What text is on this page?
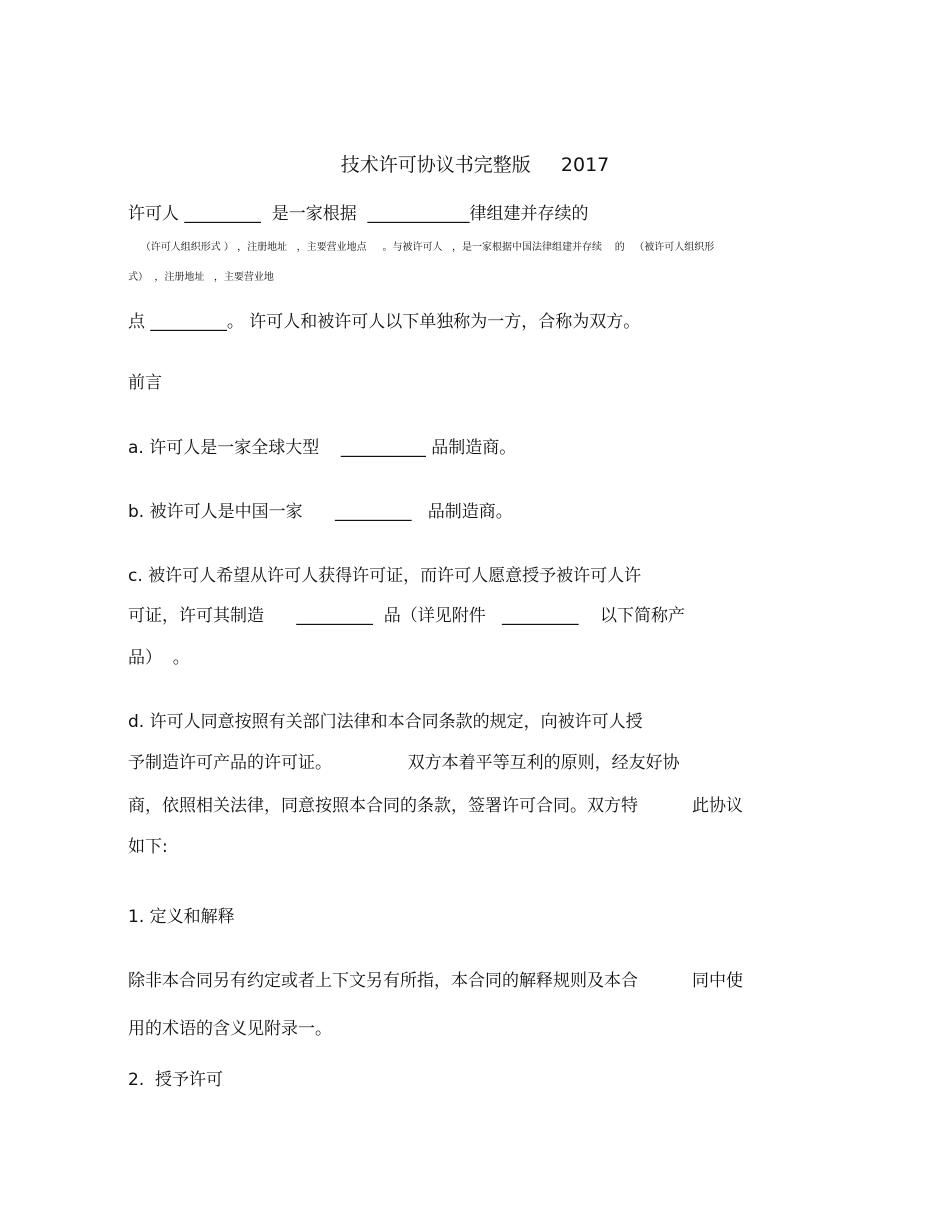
技术许可协议书完整版     2017
许可人 _________  是一家根据  ____________律组建并存续的
（许可人组织形式 ） ，注册地址   ，主要营业地点     。与被许可人   ，是一家根据中国法律组建并存续    的   （被许可人组织形
式）  ，注册地址   ，主要营业地
点 _________。 许可人和被许可人以下单独称为一方，合称为双方。
前言
a. 许可人是一家全球大型    __________ 品制造商。
b. 被许可人是中国一家      _________   品制造商。
c. 被许可人希望从许可人获得许可证，而许可人愿意授予被许可人许
可证，许可其制造      _________  品（详见附件   _________    以下简称产
品）  。
d. 许可人同意按照有关部门法律和本合同条款的规定，向被许可人授
予制造许可产品的许可证。              双方本着平等互利的原则，经友好协
商，依照相关法律，同意按照本合同的条款，签署许可合同。双方特          此协议
如下:
1. 定义和解释
除非本合同另有约定或者上下文另有所指，本合同的解释规则及本合          同中使
用的术语的含义见附录一。
2.  授予许可
